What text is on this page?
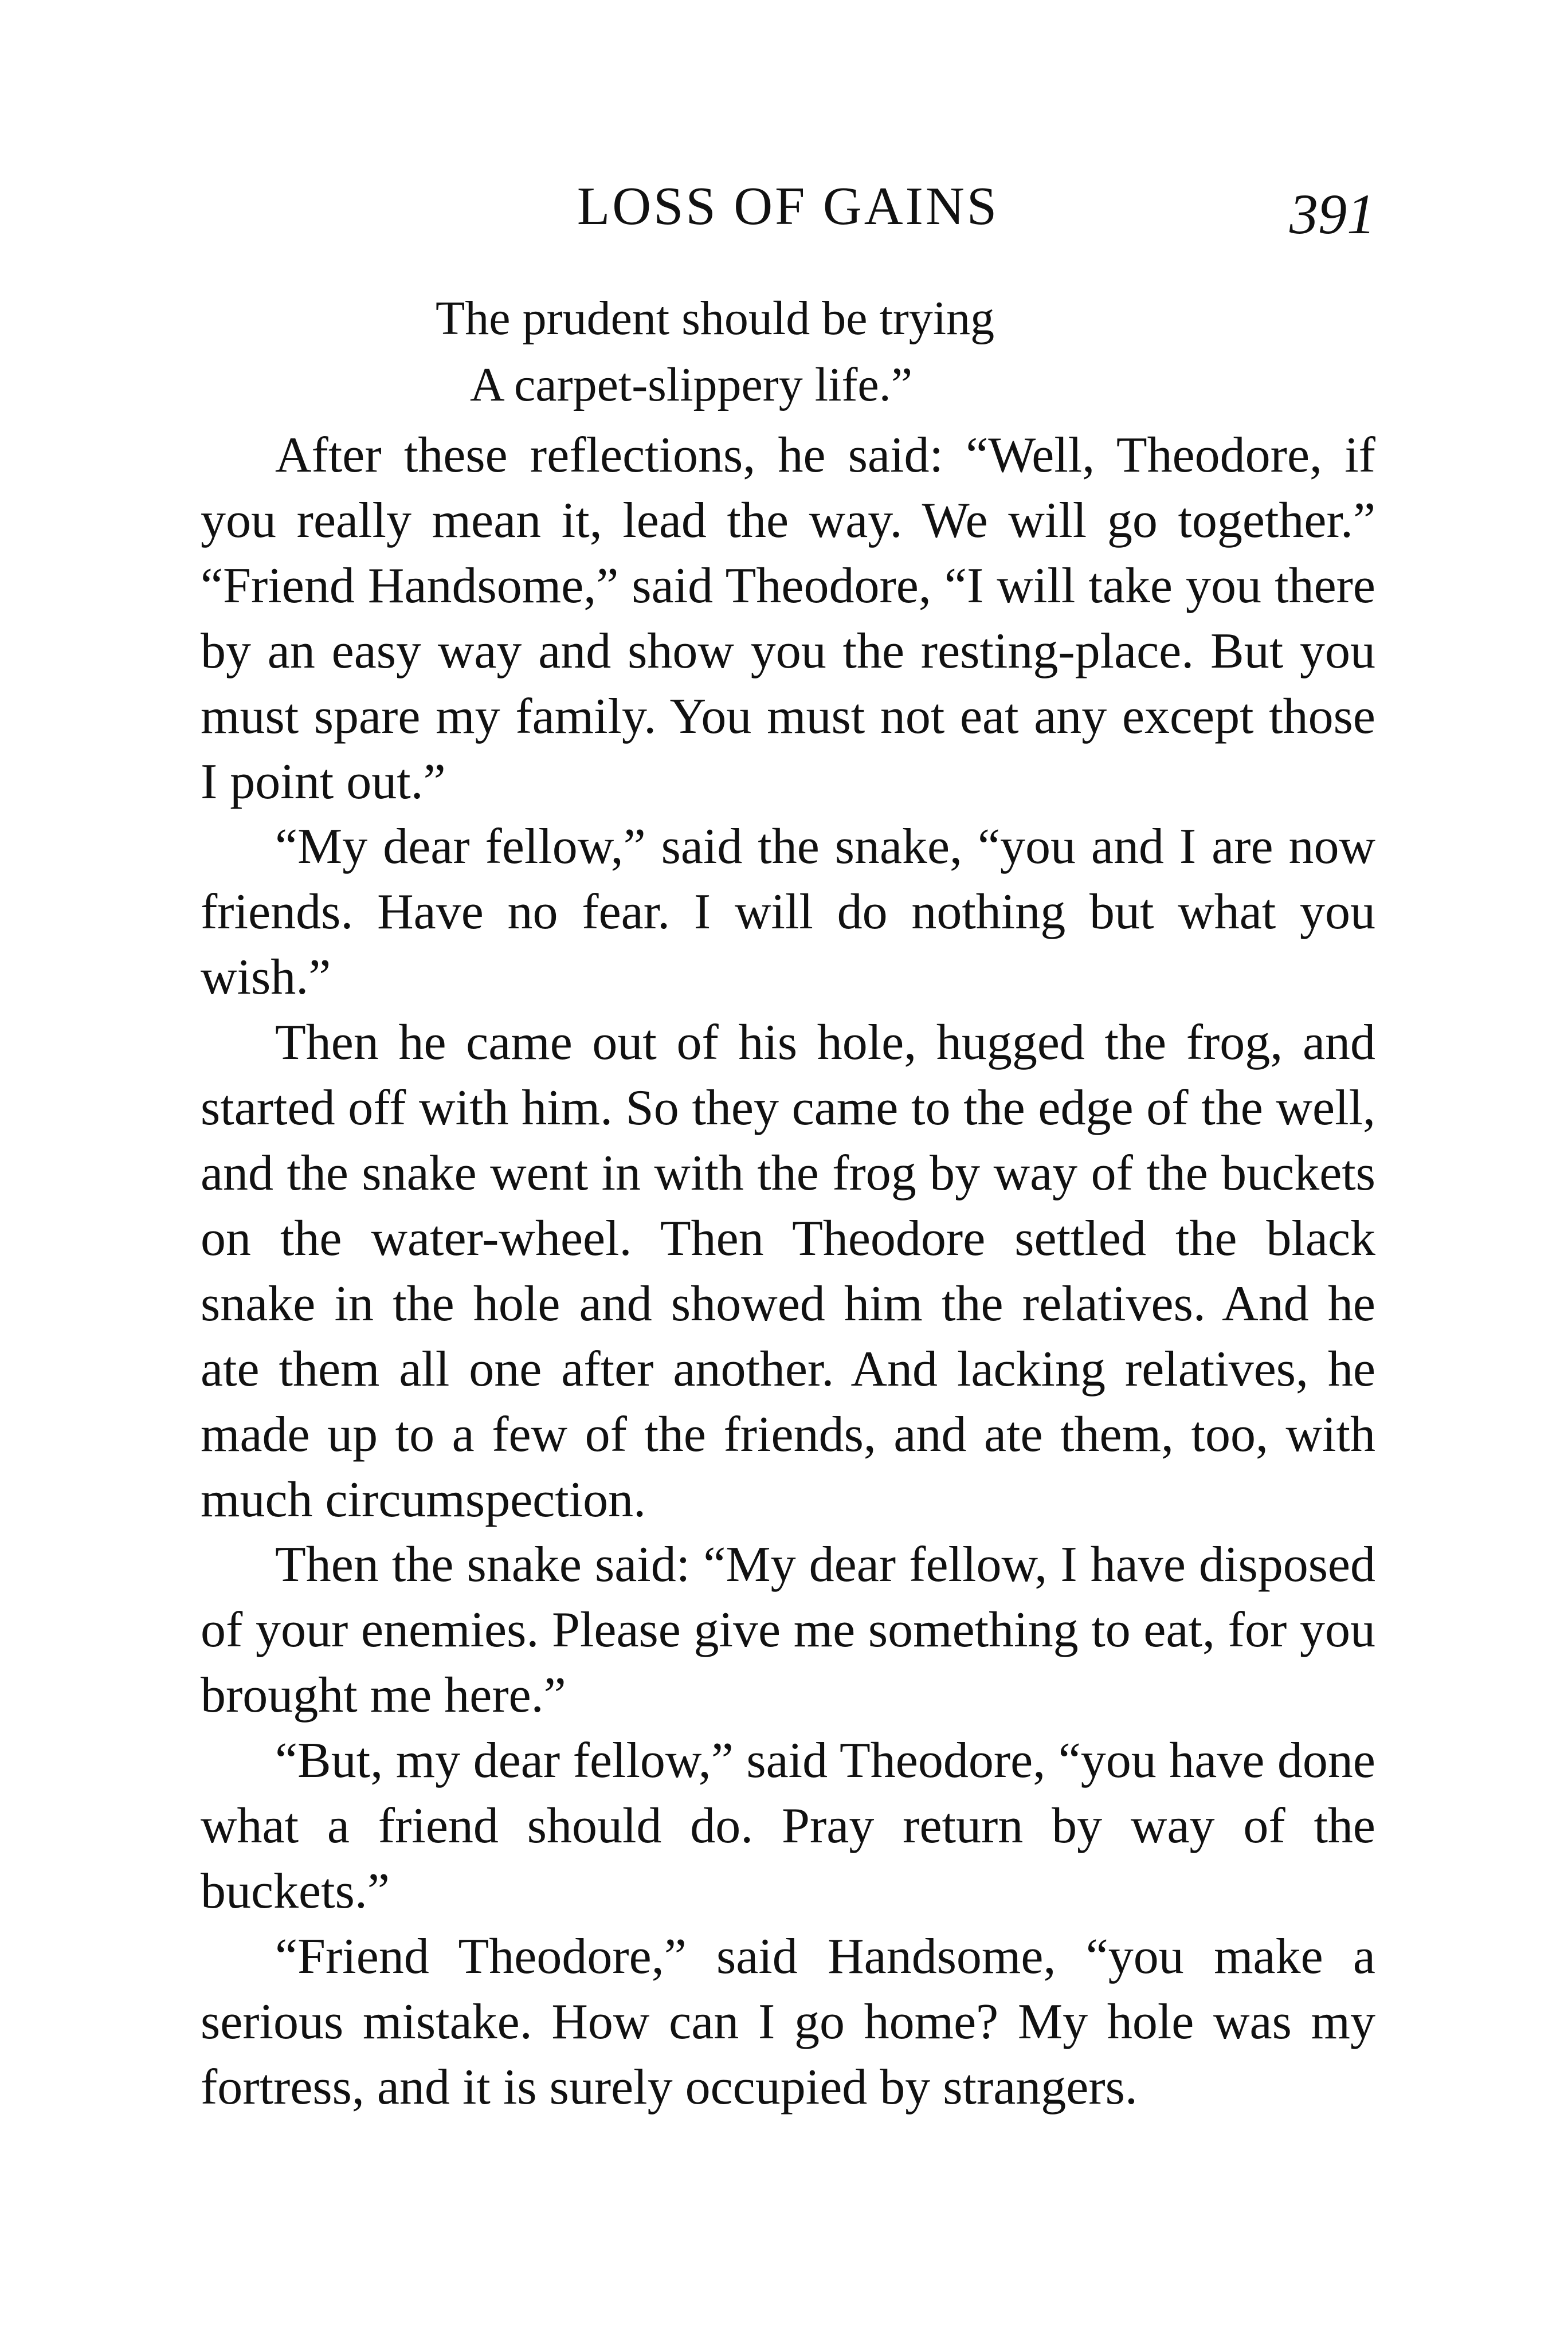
LOSS OF GAINS	391
The prudent should be trying
A carpet-slippery life.”

After these reflections, he said: “Well, Theodore, if you really mean it, lead the way. We will go together.” “Friend Handsome,” said Theodore, “I will take you there by an easy way and show you the resting-place. But you must spare my family. You must not eat any except those I point out.”

“My dear fellow,” said the snake, “you and I are now friends. Have no fear. I will do nothing but what you wish.”

Then he came out of his hole, hugged the frog, and started off with him. So they came to the edge of the well, and the snake went in with the frog by way of the buckets on the water-wheel. Then Theodore settled the black snake in the hole and showed him the relatives. And he ate them all one after another. And lacking relatives, he made up to a few of the friends, and ate them, too, with much circumspection.

Then the snake said: “My dear fellow, I have disposed of your enemies. Please give me something to eat, for you brought me here.”

“But, my dear fellow,” said Theodore, “you have done what a friend should do. Pray return by way of the buckets.”

“Friend Theodore,” said Handsome, “you make a serious mistake. How can I go home? My hole was my fortress, and it is surely occupied by strangers.
